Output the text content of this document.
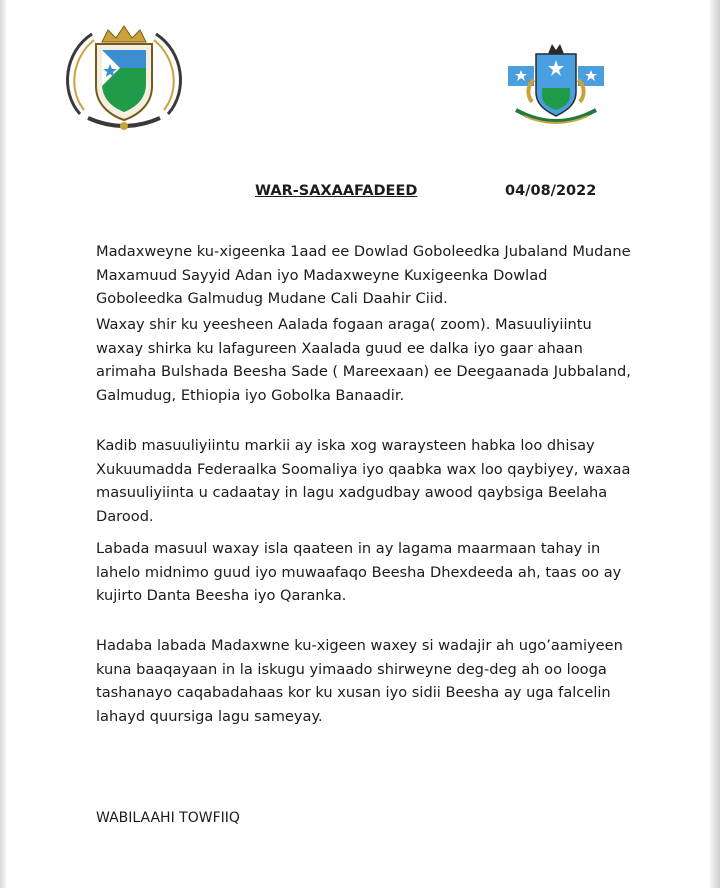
WAR-SAXAAFADEED	04/08/2022

Madaxweyne ku-xigeenka 1aad ee Dowlad Goboleedka Jubaland Mudane Maxamuud Sayyid Adan iyo Madaxweyne Kuxigeenka Dowlad Goboleedka Galmudug Mudane Cali Daahir Ciid.

Waxay shir ku yeesheen Aalada fogaan araga( zoom). Masuuliyiintu waxay shirka ku lafagureen Xaalada guud ee dalka iyo gaar ahaan arimaha Bulshada Beesha Sade ( Mareexaan) ee Deegaanada Jubbaland, Galmudug, Ethiopia iyo Gobolka Banaadir.

Kadib masuuliyiintu markii ay iska xog waraysteen habka loo dhisay Xukuumadda Federaalka Soomaliya iyo qaabka wax loo qaybiyey, waxaa masuuliyiinta u cadaatay in lagu xadgudbay awood qaybsiga Beelaha Darood.

Labada masuul waxay isla qaateen in ay lagama maarmaan tahay in lahelo midnimo guud iyo muwaafaqo Beesha Dhexdeeda ah, taas oo ay kujirto Danta Beesha iyo Qaranka.

Hadaba labada Madaxwne ku-xigeen waxey si wadajir ah ugo’aamiyeen kuna baaqayaan in la iskugu yimaado shirweyne deg-deg ah oo looga tashanayo caqabadahaas kor ku xusan iyo sidii Beesha ay uga falcelin lahayd quursiga lagu sameyay.

WABILAAHI TOWFIIQ
